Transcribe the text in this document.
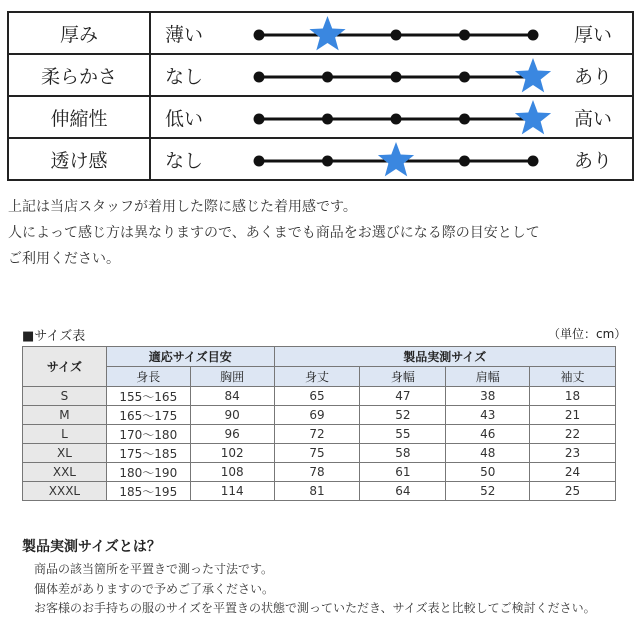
厚み	薄い		厚い
柔らかさ	なし		あり
伸縮性	低い		高い
透け感	なし		あり

上記は当店スタッフが着用した際に感じた着用感です。

人によって感じ方は異なりますので、あくまでも商品をお選びになる際の目安として

ご利用ください。

■サイズ表	（単位：cm）
サイズ	適応サイズ目安		製品実測サイズ			
	身長	胸囲	身丈	身幅	肩幅	袖丈
S	155～165	84	65	47	38	18
M	165～175	90	69	52	43	21
L	170～180	96	72	55	46	22
XL	175～185	102	75	58	48	23
XXL	180～190	108	78	61	50	24
XXXL	185～195	114	81	64	52	25

製品実測サイズとは？

商品の該当箇所を平置きで測った寸法です。

個体差がありますので予めご了承ください。

お客様のお手持ちの服のサイズを平置きの状態で測っていただき、サイズ表と比較してご検討ください。
